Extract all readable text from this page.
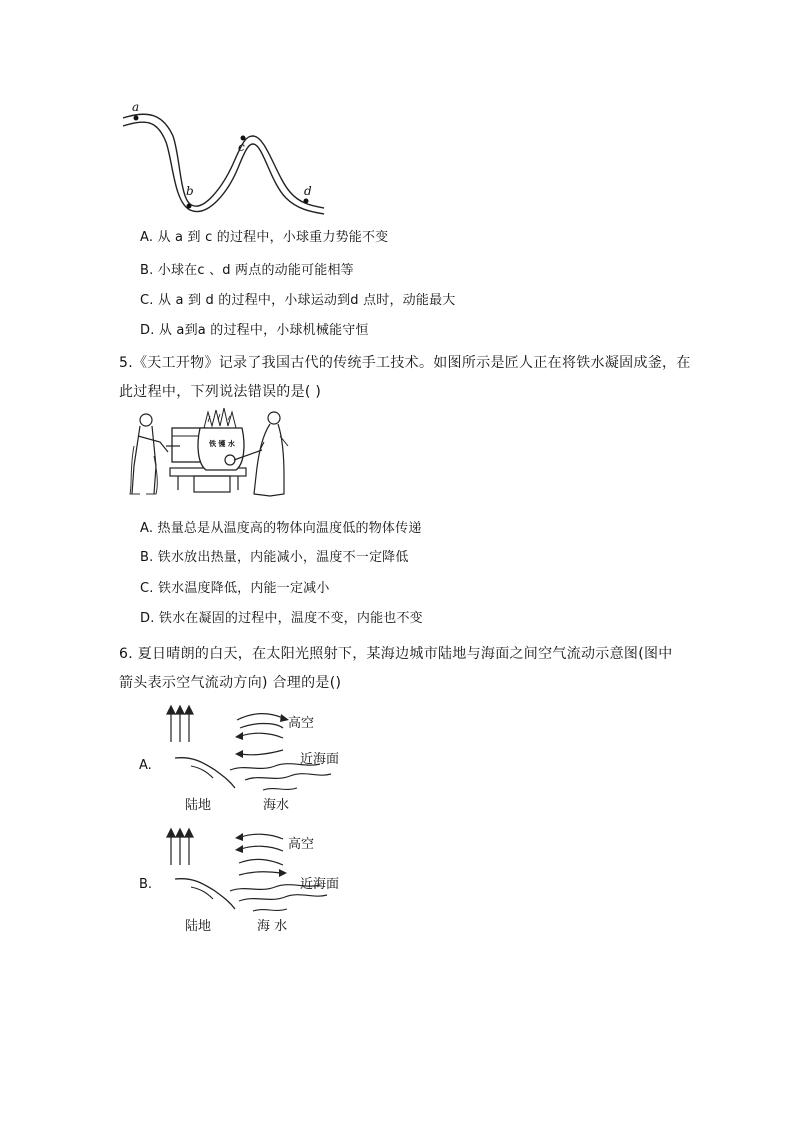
a
b
c
d
A. 从 a 到 c 的过程中，小球重力势能不变
B. 小球在c 、d 两点的动能可能相等
C. 从 a 到 d 的过程中，小球运动到d 点时，动能最大
D. 从 a到a 的过程中，小球机械能守恒
5.《天工开物》记录了我国古代的传统手工技术。如图所示是匠人正在将铁水凝固成釜，在
此过程中，下列说法错误的是( )
铁 镬 水
A. 热量总是从温度高的物体向温度低的物体传递
B. 铁水放出热量，内能减小，温度不一定降低
C. 铁水温度降低，内能一定减小
D. 铁水在凝固的过程中，温度不变，内能也不变
6. 夏日晴朗的白天，在太阳光照射下，某海边城市陆地与海面之间空气流动示意图(图中
箭头表示空气流动方向) 合理的是()
A.
高空
近海面
陆地	海水
B.
高空
近海面
陆地	海 水
